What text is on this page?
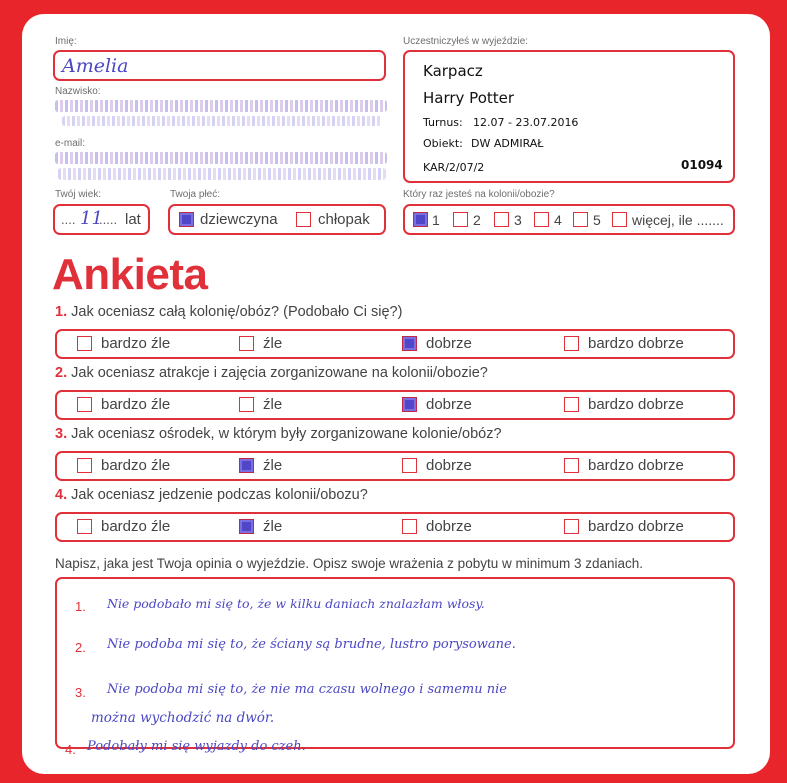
Imię:
Amelia
Nazwisko:
e-mail:
Twój wiek:
.... 11
..... lat
Twoja płeć:
dziewczyna	chłopak
Uczestniczyłeś w wyjeździe:
Karpacz
Harry Potter
Turnus: 12.07 - 23.07.2016
Obiekt: DW ADMIRAŁ
KAR/2/07/2	01094
Który raz jesteś na kolonii/obozie?
1 2 3 4 5 więcej, ile .......
Ankieta
1. Jak oceniasz całą kolonię/obóz? (Podobało Ci się?)
bardzo źle	źle	dobrze	bardzo dobrze
2. Jak oceniasz atrakcje i zajęcia zorganizowane na kolonii/obozie?
bardzo źle	źle	dobrze	bardzo dobrze
3. Jak oceniasz ośrodek, w którym były zorganizowane kolonie/obóz?
bardzo źle	źle	dobrze	bardzo dobrze
4. Jak oceniasz jedzenie podczas kolonii/obozu?
bardzo źle	źle	dobrze	bardzo dobrze
Napisz, jaka jest Twoja opinia o wyjeździe. Opisz swoje wrażenia z pobytu w minimum 3 zdaniach.
1. Nie podobało mi się to, że w kilku daniach znalazłam włosy.
2. Nie podoba mi się to, że ściany są brudne, lustro porysowane.
3. Nie podoba mi się to, że nie ma czasu wolnego i samemu nie
można wychodzić na dwór.
4. Podobały mi się wyjazdy do czeh.
